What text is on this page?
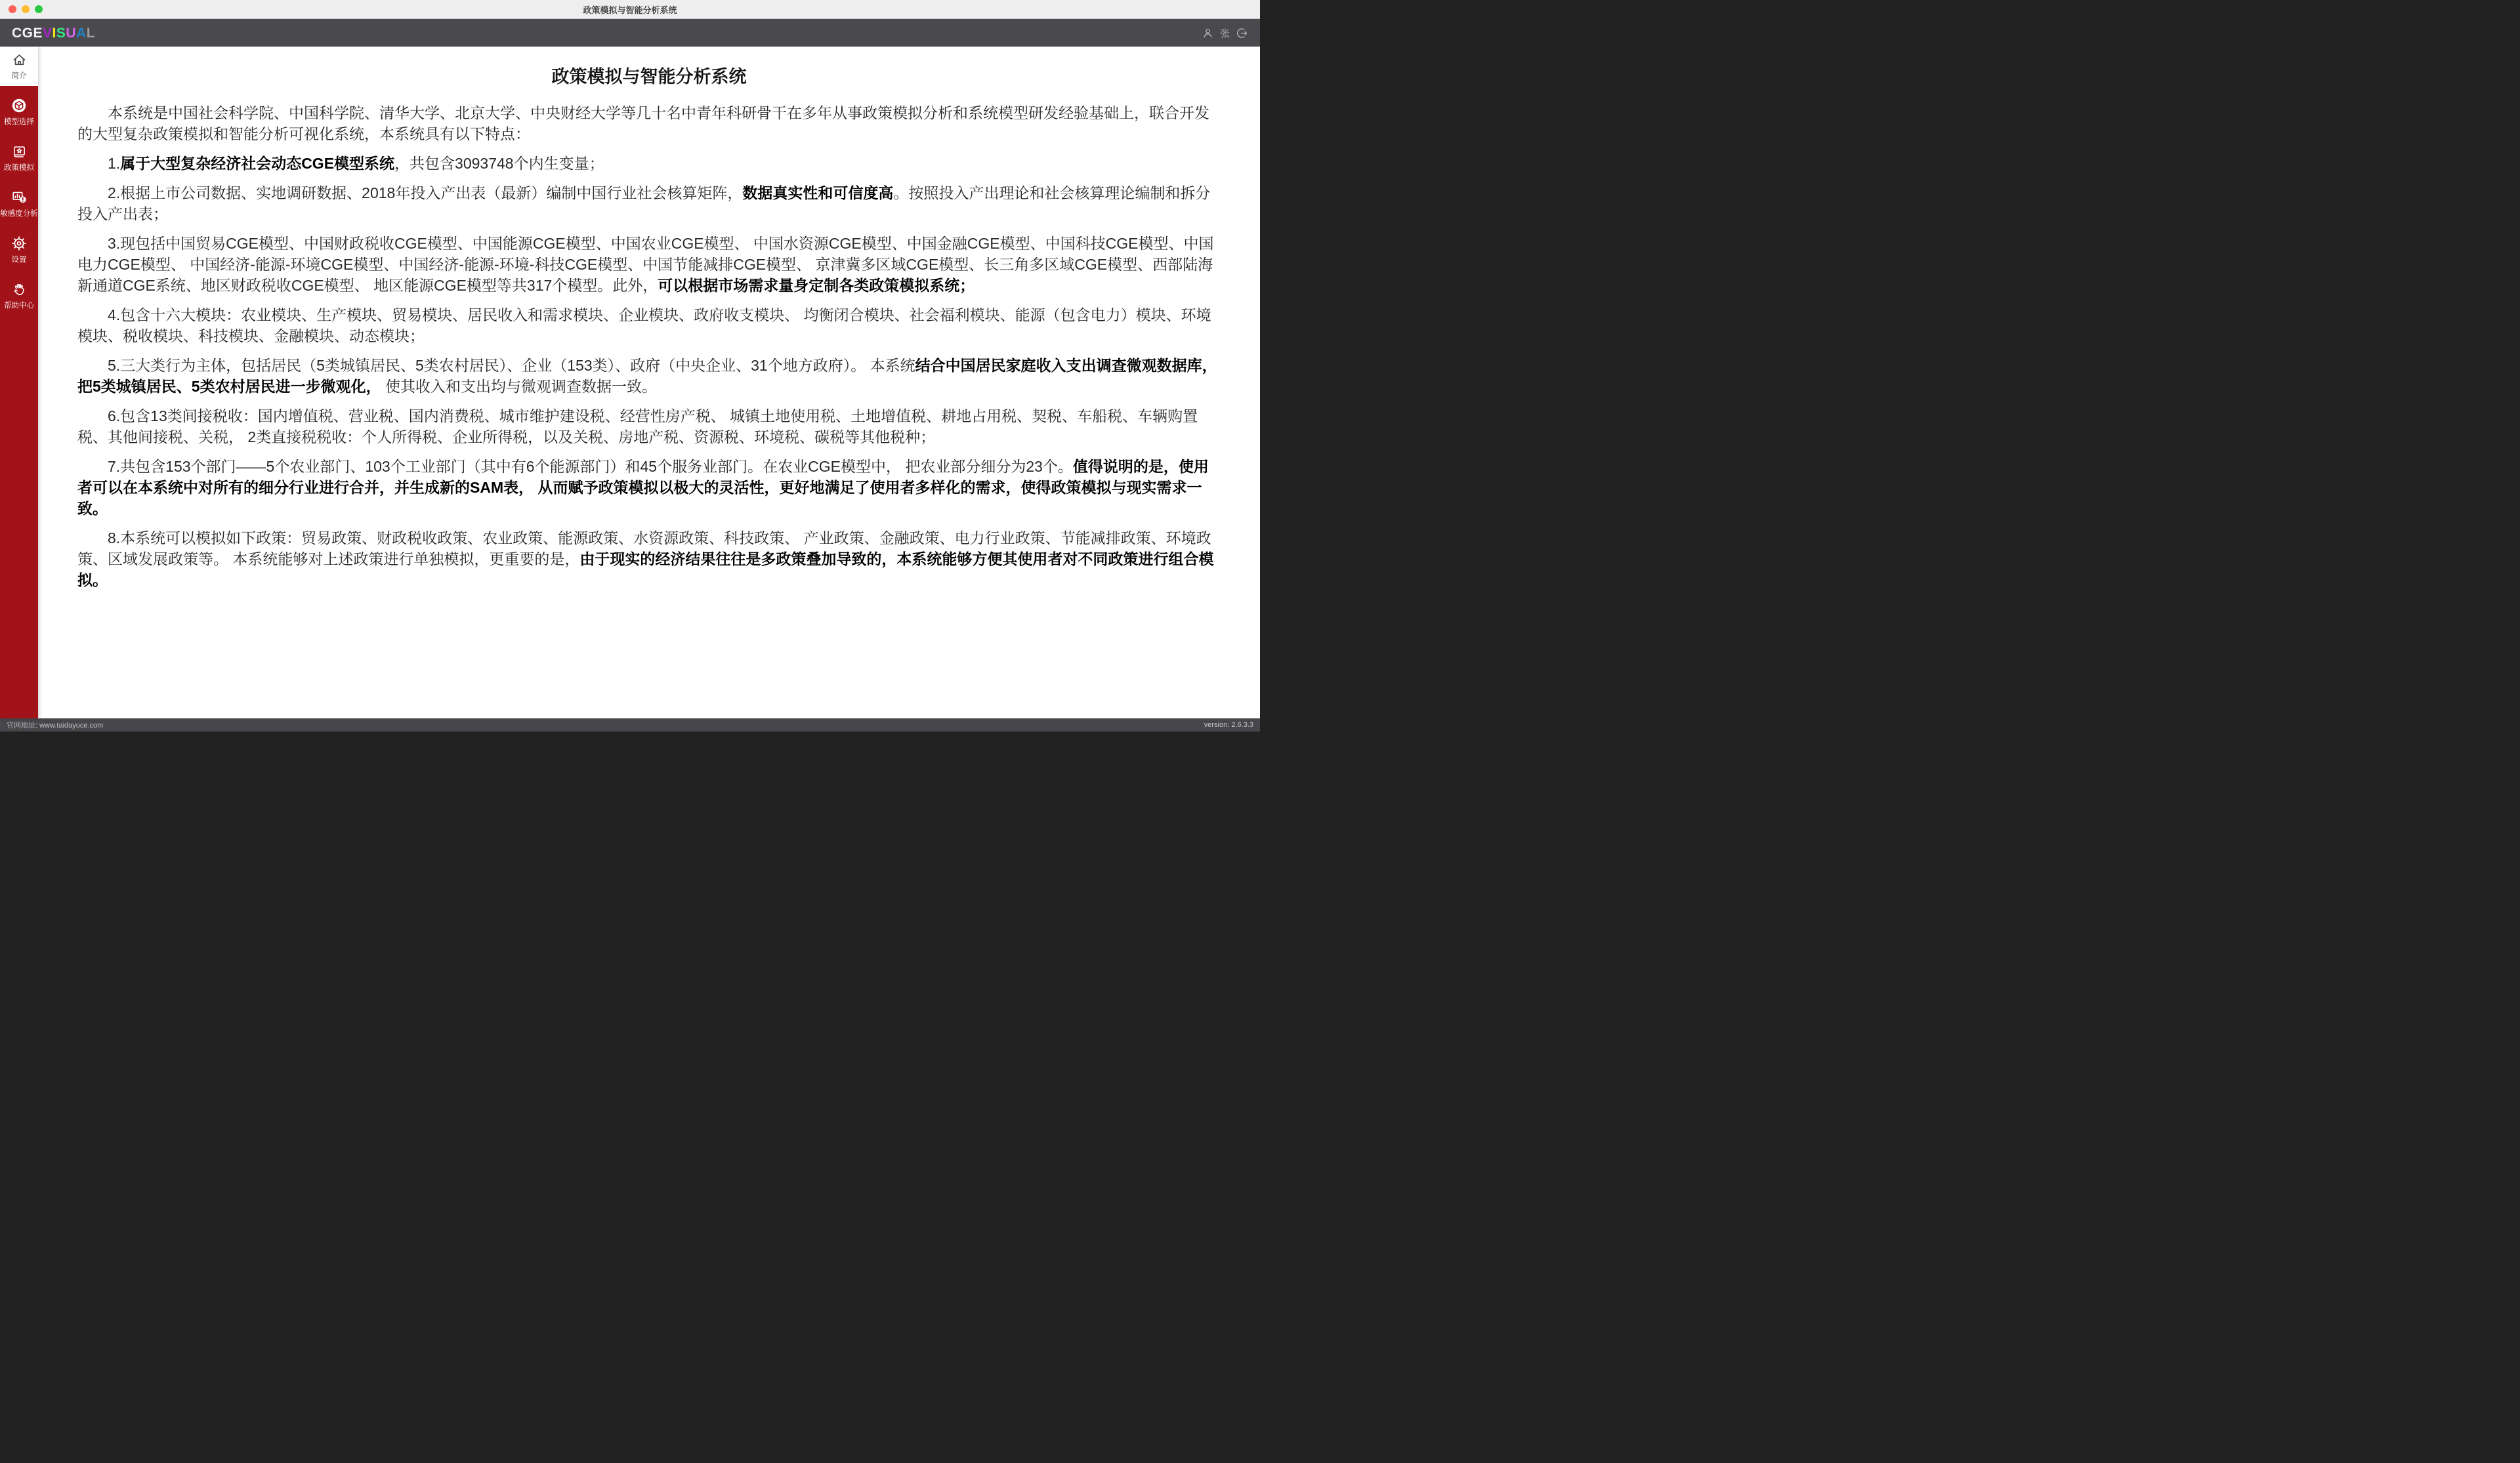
政策模拟与智能分析系统
CGEVISUAL	张
简介
模型选择
政策模拟
敏感度分析
设置
帮助中心
政策模拟与智能分析系统

本系统是中国社会科学院、中国科学院、清华大学、北京大学、中央财经大学等几十名中青年科研骨干在多年从事政策模拟分析和系统模型研发经验基础上，联合开发的大型复杂政策模拟和智能分析可视化系统，本系统具有以下特点：

1.属于大型复杂经济社会动态CGE模型系统，共包含3093748个内生变量；

2.根据上市公司数据、实地调研数据、2018年投入产出表（最新）编制中国行业社会核算矩阵，数据真实性和可信度高。按照投入产出理论和社会核算理论编制和拆分投入产出表；

3.现包括中国贸易CGE模型、中国财政税收CGE模型、中国能源CGE模型、中国农业CGE模型、 中国水资源CGE模型、中国金融CGE模型、中国科技CGE模型、中国电力CGE模型、 中国经济-能源-环境CGE模型、中国经济-能源-环境-科技CGE模型、中国节能减排CGE模型、 京津冀多区域CGE模型、长三角多区域CGE模型、西部陆海新通道CGE系统、地区财政税收CGE模型、 地区能源CGE模型等共317个模型。此外，可以根据市场需求量身定制各类政策模拟系统；

4.包含十六大模块：农业模块、生产模块、贸易模块、居民收入和需求模块、企业模块、政府收支模块、 均衡闭合模块、社会福利模块、能源（包含电力）模块、环境模块、税收模块、科技模块、金融模块、动态模块；

5.三大类行为主体，包括居民（5类城镇居民、5类农村居民）、企业（153类）、政府（中央企业、31个地方政府）。 本系统结合中国居民家庭收入支出调查微观数据库，把5类城镇居民、5类农村居民进一步微观化， 使其收入和支出均与微观调查数据一致。

6.包含13类间接税收：国内增值税、营业税、国内消费税、城市维护建设税、经营性房产税、 城镇土地使用税、土地增值税、耕地占用税、契税、车船税、车辆购置税、其他间接税、关税， 2类直接税税收：个人所得税、企业所得税，以及关税、房地产税、资源税、环境税、碳税等其他税种；

7.共包含153个部门——5个农业部门、103个工业部门（其中有6个能源部门）和45个服务业部门。在农业CGE模型中， 把农业部分细分为23个。值得说明的是，使用者可以在本系统中对所有的细分行业进行合并，并生成新的SAM表， 从而赋予政策模拟以极大的灵活性，更好地满足了使用者多样化的需求，使得政策模拟与现实需求一致。

8.本系统可以模拟如下政策：贸易政策、财政税收政策、农业政策、能源政策、水资源政策、科技政策、 产业政策、金融政策、电力行业政策、节能减排政策、环境政策、区域发展政策等。 本系统能够对上述政策进行单独模拟，更重要的是，由于现实的经济结果往往是多政策叠加导致的，本系统能够方便其使用者对不同政策进行组合模拟。

官网地址: www.taidayuce.com	version: 2.6.3.3
